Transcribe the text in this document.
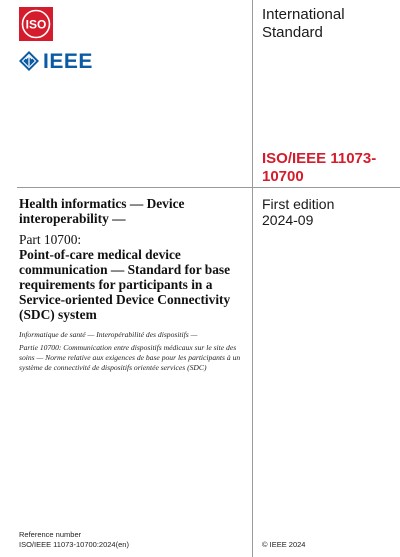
ISO
IEEE
International Standard
ISO/IEEE 11073-10700
First edition
2024-09
Health informatics — Device interoperability —
Part 10700:
Point-of-care medical device communication — Standard for base requirements for participants in a Service-oriented Device Connectivity (SDC) system
Informatique de santé — Interopérabilité des dispositifs —
Partie 10700: Communication entre dispositifs médicaux sur le site des soins — Norme relative aux exigences de base pour les participants à un système de connectivité de dispositifs orientée services (SDC)
Reference number
ISO/IEEE 11073-10700:2024(en)	© IEEE 2024
